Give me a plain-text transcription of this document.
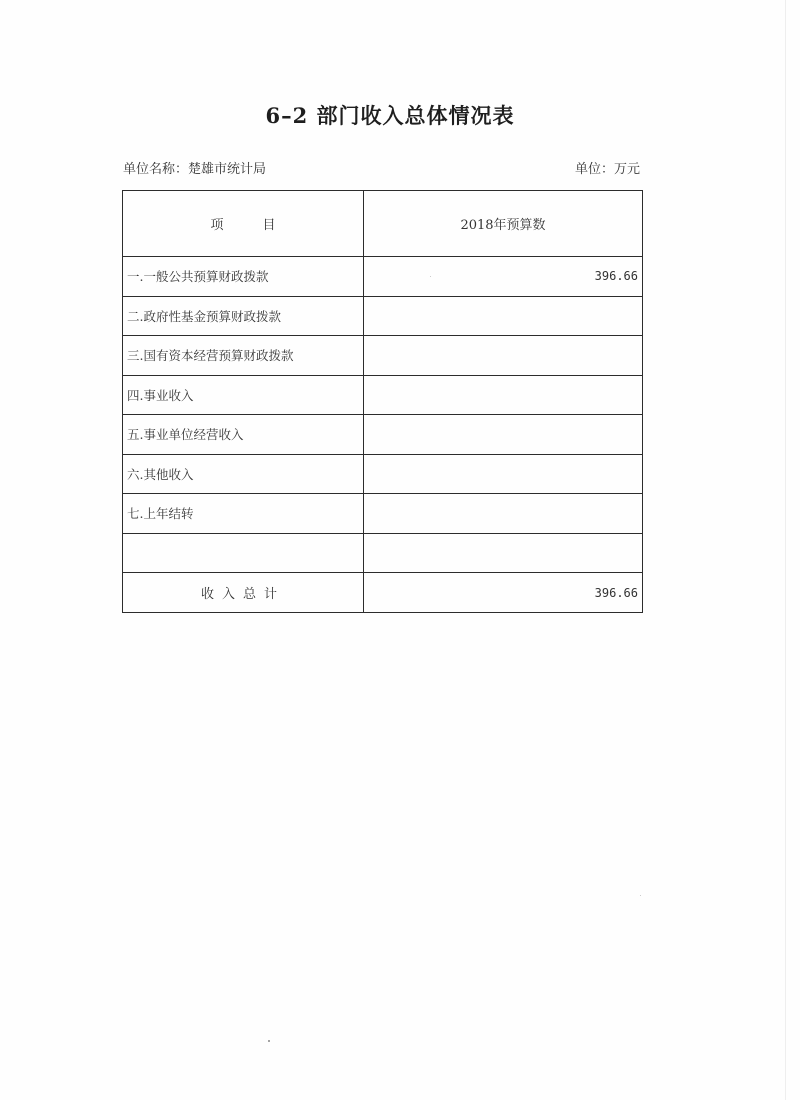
6–2 部门收入总体情况表
单位名称：楚雄市统计局	单位：万元
项　　　目	2018年预算数
一.一般公共预算财政拨款	396.66
二.政府性基金预算财政拨款	
三.国有资本经营预算财政拨款	
四.事业收入	
五.事业单位经营收入	
六.其他收入	
七.上年结转	

收入总计	396.66
